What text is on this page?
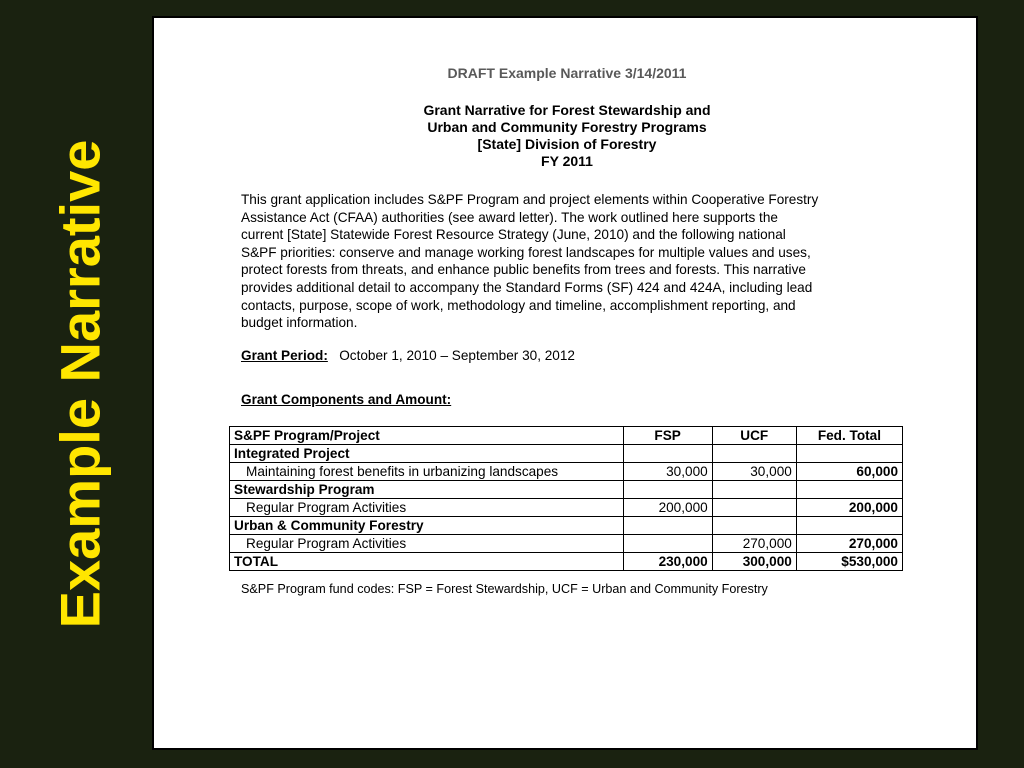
Example Narrative
DRAFT Example Narrative 3/14/2011
Grant Narrative for Forest Stewardship and
Urban and Community Forestry Programs
[State] Division of Forestry
FY 2011
This grant application includes S&PF Program and project elements within Cooperative Forestry
Assistance Act (CFAA) authorities (see award letter). The work outlined here supports the
current [State] Statewide Forest Resource Strategy (June, 2010) and the following national
S&PF priorities: conserve and manage working forest landscapes for multiple values and uses,
protect forests from threats, and enhance public benefits from trees and forests. This narrative
provides additional detail to accompany the Standard Forms (SF) 424 and 424A, including lead
contacts, purpose, scope of work, methodology and timeline, accomplishment reporting, and
budget information.
Grant Period: October 1, 2010 – September 30, 2012
Grant Components and Amount:
S&PF Program/Project	FSP	UCF	Fed. Total
Integrated Project			
Maintaining forest benefits in urbanizing landscapes	30,000	30,000	60,000
Stewardship Program			
Regular Program Activities	200,000		200,000
Urban & Community Forestry			
Regular Program Activities		270,000	270,000
TOTAL	230,000	300,000	$530,000
S&PF Program fund codes: FSP = Forest Stewardship, UCF = Urban and Community Forestry
